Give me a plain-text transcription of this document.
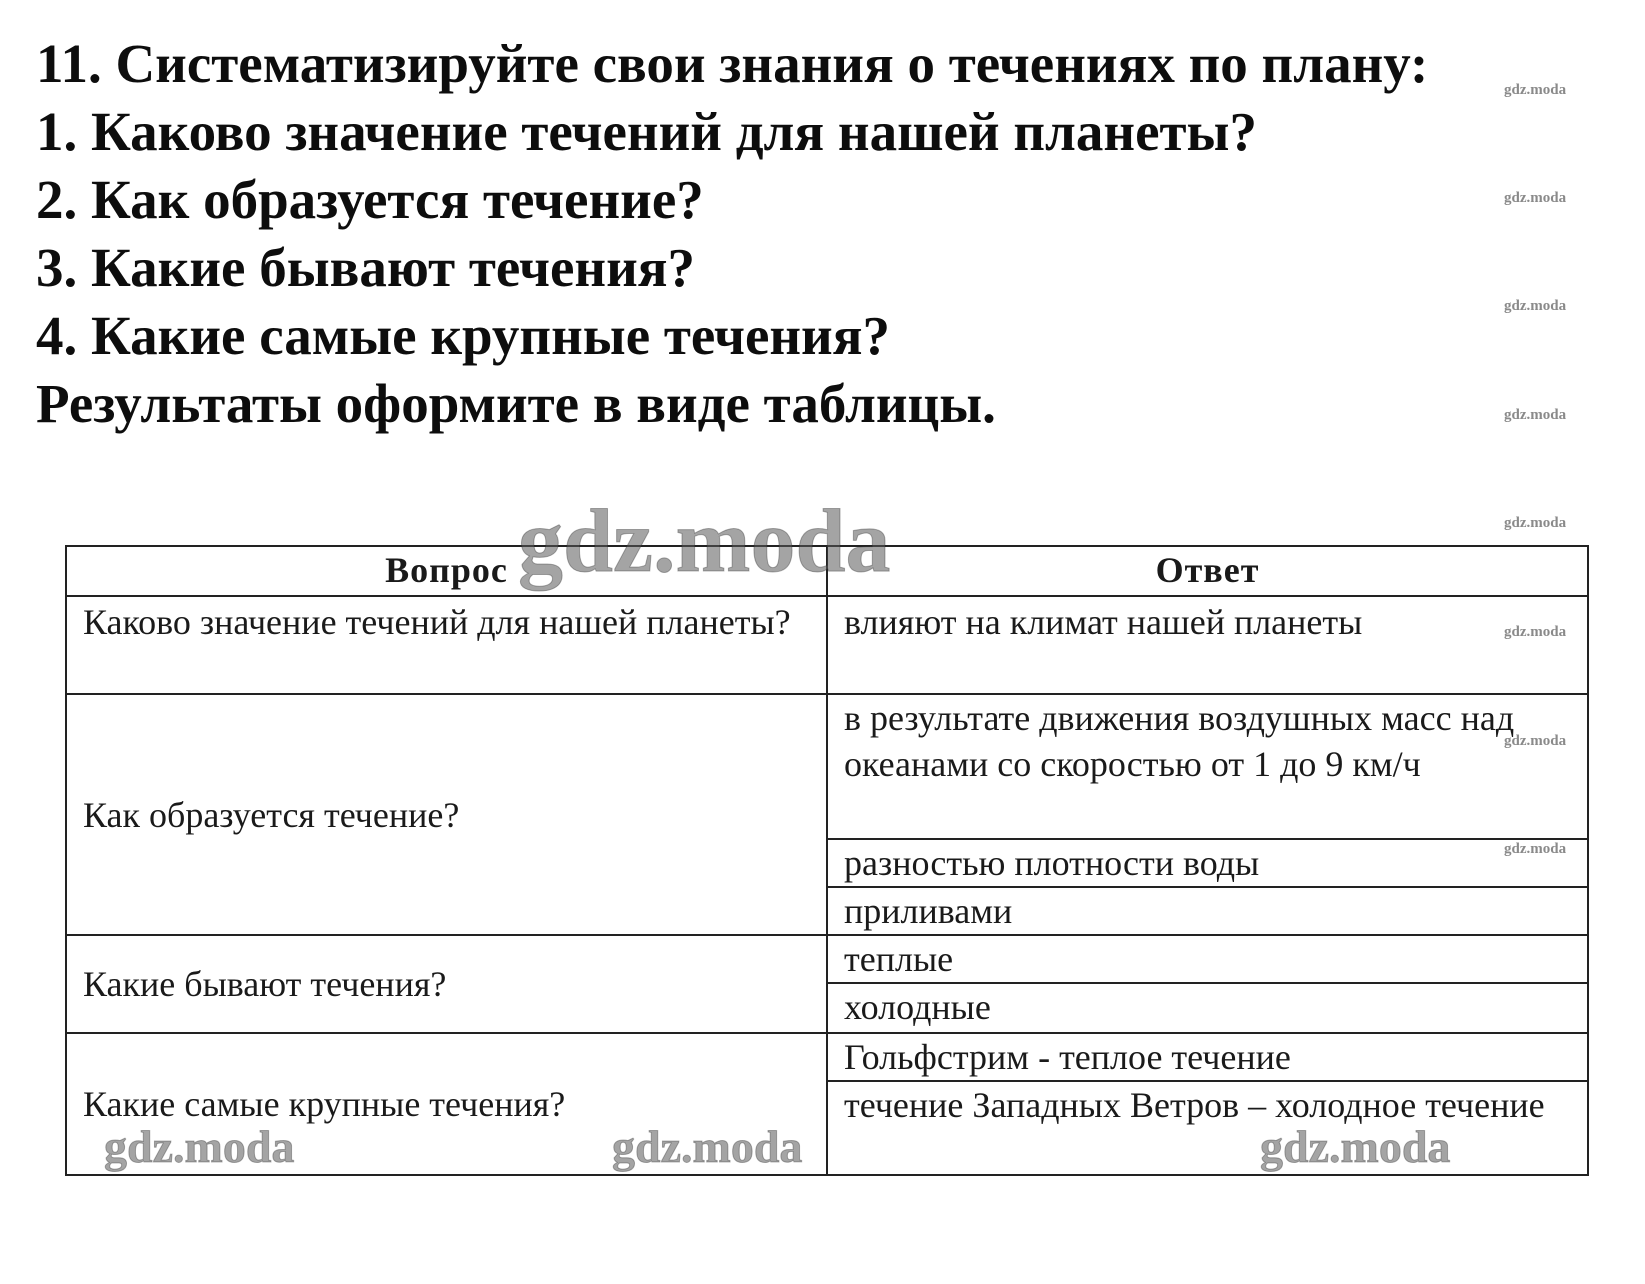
11. Систематизируйте свои знания о течениях по плану:
1. Каково значение течений для нашей планеты?
2. Как образуется течение?
3. Какие бывают течения?
4. Какие самые крупные течения?
Результаты оформите в виде таблицы.
gdz.moda
gdz.moda
gdz.moda
gdz.moda
gdz.moda
Вопрос	Ответ
Каково значение течений для нашей планеты?	влияют на климат нашей планеты
Как образуется течение?	в результате движения воздушных масс над океанами со скоростью от 1 до 9 км/ч
	разностью плотности воды
	приливами
Какие бывают течения?	теплые
	холодные
Какие самые крупные течения?	Гольфстрим - теплое течение
	течение Западных Ветров – холодное течение
gdz.moda
gdz.moda
gdz.moda
gdz.moda
gdz.moda	gdz.moda	gdz.moda
